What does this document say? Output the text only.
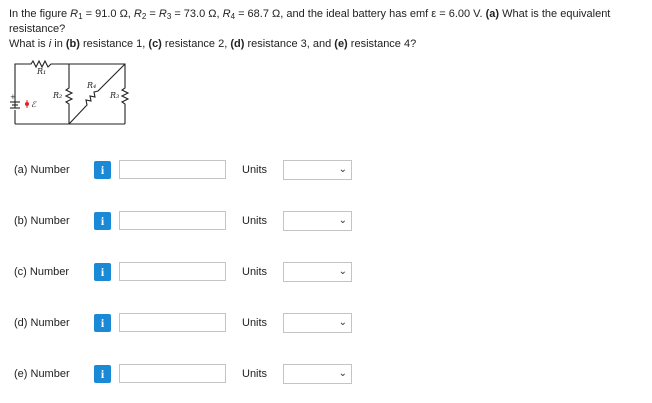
In the figure $R_1 = 91.0$ Ω, $R_2 = R_3 = 73.0$ Ω, $R_4 = 68.7$ Ω, and the ideal battery has emf ε = 6.00 V. (a) What is the equivalent resistance?
What is i in (b) resistance 1, (c) resistance 2, (d) resistance 3, and (e) resistance 4?
+
ℰ
R₁
R₂
R₄
R₃
(a) Number	i	Units	⌄
(b) Number	i	Units	⌄
(c) Number	i	Units	⌄
(d) Number	i	Units	⌄
(e) Number	i	Units	⌄
